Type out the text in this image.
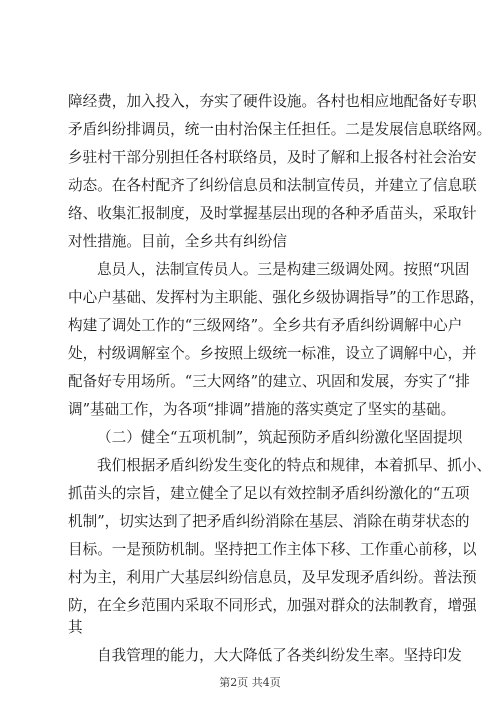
障经费，加入投入，夯实了硬件设施。各村也相应地配备好专职
矛盾纠纷排调员，统一由村治保主任担任。二是发展信息联络网。
乡驻村干部分别担任各村联络员，及时了解和上报各村社会治安
动态。在各村配齐了纠纷信息员和法制宣传员，并建立了信息联
络、收集汇报制度，及时掌握基层出现的各种矛盾苗头，采取针
对性措施。目前，全乡共有纠纷信
息员人，法制宣传员人。三是构建三级调处网。按照“巩固
中心户基础、发挥村为主职能、强化乡级协调指导”的工作思路，
构建了调处工作的“三级网络”。全乡共有矛盾纠纷调解中心户
处，村级调解室个。乡按照上级统一标准，设立了调解中心，并
配备好专用场所。“三大网络”的建立、巩固和发展，夯实了“排
调”基础工作，为各项“排调”措施的落实奠定了坚实的基础。
（二）健全“五项机制”，筑起预防矛盾纠纷激化坚固提坝
我们根据矛盾纠纷发生变化的特点和规律，本着抓早、抓小、
抓苗头的宗旨，建立健全了足以有效控制矛盾纠纷激化的“五项
机制”，切实达到了把矛盾纠纷消除在基层、消除在萌芽状态的
目标。一是预防机制。坚持把工作主体下移、工作重心前移，以
村为主，利用广大基层纠纷信息员，及早发现矛盾纠纷。普法预
防，在全乡范围内采取不同形式，加强对群众的法制教育，增强
其
自我管理的能力，大大降低了各类纠纷发生率。坚持印发
第2页 共4页
